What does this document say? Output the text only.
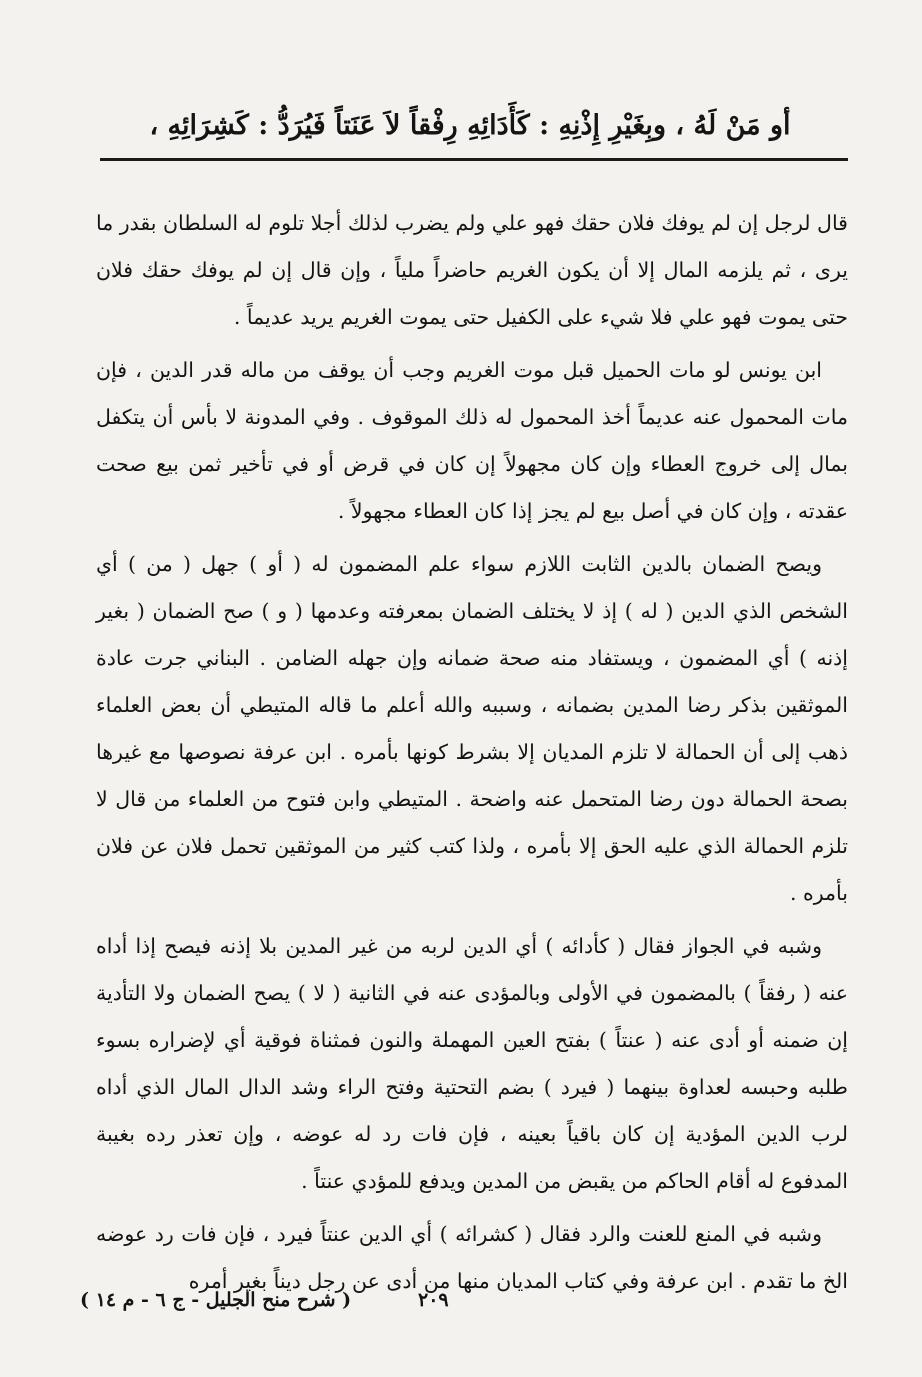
أو مَنْ لَهُ ، وبِغَيْرِ إِذْنِهِ : كَأَدَائِهِ رِفْقاً لاَ عَنَتاً فَيُرَدُّ : كَشِرَائِهِ ،

قال لرجل إن لم يوفك فلان حقك فهو علي ولم يضرب لذلك أجلا تلوم له السلطان بقدر ما يرى ، ثم يلزمه المال إلا أن يكون الغريم حاضراً ملياً ، وإن قال إن لم يوفك حقك فلان حتى يموت فهو علي فلا شيء على الكفيل حتى يموت الغريم يريد عديماً .

ابن يونس لو مات الحميل قبل موت الغريم وجب أن يوقف من ماله قدر الدين ، فإن مات المحمول عنه عديماً أخذ المحمول له ذلك الموقوف . وفي المدونة لا بأس أن يتكفل بمال إلى خروج العطاء وإن كان مجهولاً إن كان في قرض أو في تأخير ثمن بيع صحت عقدته ، وإن كان في أصل بيع لم يجز إذا كان العطاء مجهولاً .

ويصح الضمان بالدين الثابت اللازم سواء علم المضمون له ( أو ) جهل ( من ) أي الشخص الذي الدين ( له ) إذ لا يختلف الضمان بمعرفته وعدمها ( و ) صح الضمان ( بغير إذنه ) أي المضمون ، ويستفاد منه صحة ضمانه وإن جهله الضامن . البناني جرت عادة الموثقين بذكر رضا المدين بضمانه ، وسببه والله أعلم ما قاله المتيطي أن بعض العلماء ذهب إلى أن الحمالة لا تلزم المديان إلا بشرط كونها بأمره . ابن عرفة نصوصها مع غيرها بصحة الحمالة دون رضا المتحمل عنه واضحة . المتيطي وابن فتوح من العلماء من قال لا تلزم الحمالة الذي عليه الحق إلا بأمره ، ولذا كتب كثير من الموثقين تحمل فلان عن فلان بأمره .

وشبه في الجواز فقال ( كأدائه ) أي الدين لربه من غير المدين بلا إذنه فيصح إذا أداه عنه ( رفقاً ) بالمضمون في الأولى وبالمؤدى عنه في الثانية ( لا ) يصح الضمان ولا التأدية إن ضمنه أو أدى عنه ( عنتاً ) بفتح العين المهملة والنون فمثناة فوقية أي لإضراره بسوء طلبه وحبسه لعداوة بينهما ( فيرد ) بضم التحتية وفتح الراء وشد الدال المال الذي أداه لرب الدين المؤدية إن كان باقياً بعينه ، فإن فات رد له عوضه ، وإن تعذر رده بغيبة المدفوع له أقام الحاكم من يقبض من المدين ويدفع للمؤدي عنتاً .

وشبه في المنع للعنت والرد فقال ( كشرائه ) أي الدين عنتاً فيرد ، فإن فات رد عوضه الخ ما تقدم . ابن عرفة وفي كتاب المديان منها من أدى عن رجل ديناً بغير أمره

( شرح منح الجليل - ج ٦ - م ١٤ )	٢٠٩
